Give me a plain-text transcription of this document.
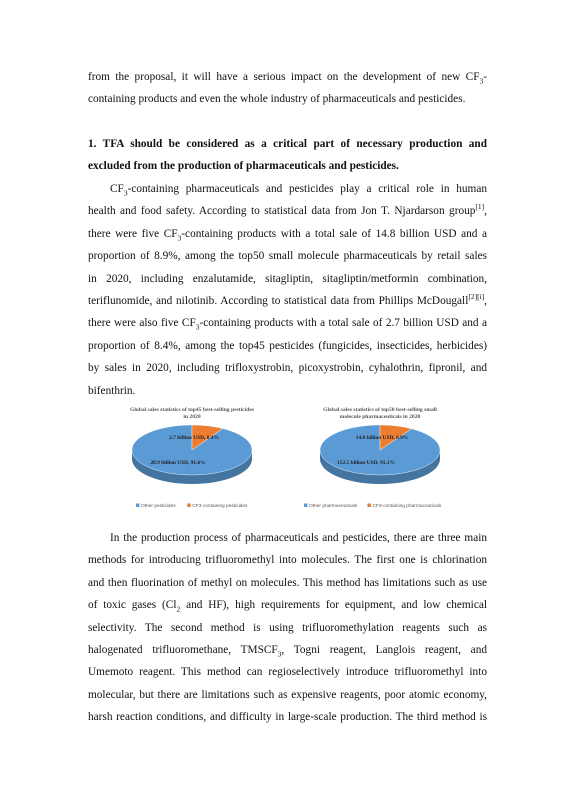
from the proposal, it will have a serious impact on the development of new $CF_3-$
containing products and even the whole industry of pharmaceuticals and pesticides.

1. TFA should be considered as a critical part of necessary production and
excluded from the production of pharmaceuticals and pesticides.

$CF_3$-containing pharmaceuticals and pesticides play a critical role in human
health and food safety. According to statistical data from Jon T. Njardarson group[1],
there were five $CF_3$-containing products with a total sale of 14.8 billion USD and a
proportion of 8.9%, among the top50 small molecule pharmaceuticals by retail sales
in 2020, including enzalutamide, sitagliptin, sitagliptin/metformin combination,
teriflunomide, and nilotinib. According to statistical data from Phillips McDougall[2][i],
there were also five $CF_3$-containing products with a total sale of 2.7 billion USD and a
proportion of 8.4%, among the top45 pesticides (fungicides, insecticides, herbicides)
by sales in 2020, including trifloxystrobin, picoxystrobin, cyhalothrin, fipronil, and
bifenthrin.

Global sales statistics of top45 best-selling pesticides
in 2020
2.7 billion USD, 8.4%
28.9 billion USD, 91.6%
Other pesticides	CF3-containing pesticides
Global sales statistics of top50 best-selling small
molecule pharmaceuticals in 2020
14.8 billion USD, 8.9%
152.5 billion USD, 91.1%
Other pharmaceuticals	CF3-containing pharmaceuticals

In the production process of pharmaceuticals and pesticides, there are three main
methods for introducing trifluoromethyl into molecules. The first one is chlorination
and then fluorination of methyl on molecules. This method has limitations such as use
of toxic gases ($Cl_2$ and HF), high requirements for equipment, and low chemical
selectivity. The second method is using trifluoromethylation reagents such as
halogenated trifluoromethane, $TMSCF_3$, Togni reagent, Langlois reagent, and
Umemoto reagent. This method can regioselectively introduce trifluoromethyl into
molecular, but there are limitations such as expensive reagents, poor atomic economy,
harsh reaction conditions, and difficulty in large-scale production. The third method is
